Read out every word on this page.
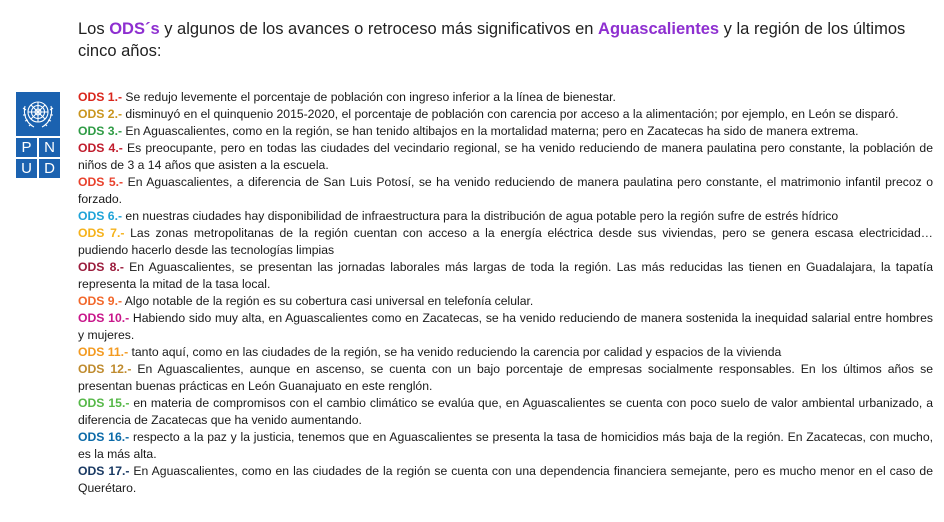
Los ODS´s y algunos de los avances o retroceso más significativos en Aguascalientes y la región de los últimos cinco años:
P N
U D

ODS 1.- Se redujo levemente el porcentaje de población con ingreso inferior a la línea de bienestar.

ODS 2.- disminuyó en el quinquenio 2015-2020, el porcentaje de población con carencia por acceso a la alimentación; por ejemplo, en León se disparó.

ODS 3.- En Aguascalientes, como en la región, se han tenido altibajos en la mortalidad materna; pero en Zacatecas ha sido de manera extrema.

ODS 4.- Es preocupante, pero en todas las ciudades del vecindario regional, se ha venido reduciendo de manera paulatina pero constante, la población de niños de 3 a 14 años que asisten a la escuela.

ODS 5.- En Aguascalientes, a diferencia de San Luis Potosí, se ha venido reduciendo de manera paulatina pero constante, el matrimonio infantil precoz o forzado.

ODS 6.- en nuestras ciudades hay disponibilidad de infraestructura para la distribución de agua potable pero la región sufre de estrés hídrico

ODS 7.- Las zonas metropolitanas de la región cuentan con acceso a la energía eléctrica desde sus viviendas, pero se genera escasa electricidad… pudiendo hacerlo desde las tecnologías limpias

ODS 8.- En Aguascalientes, se presentan las jornadas laborales más largas de toda la región. Las más reducidas las tienen en Guadalajara, la tapatía representa la mitad de la tasa local.

ODS 9.- Algo notable de la región es su cobertura casi universal en telefonía celular.

ODS 10.- Habiendo sido muy alta, en Aguascalientes como en Zacatecas, se ha venido reduciendo de manera sostenida la inequidad salarial entre hombres y mujeres.

ODS 11.- tanto aquí, como en las ciudades de la región, se ha venido reduciendo la carencia por calidad y espacios de la vivienda

ODS 12.- En Aguascalientes, aunque en ascenso, se cuenta con un bajo porcentaje de empresas socialmente responsables. En los últimos años se presentan buenas prácticas en León Guanajuato en este renglón.

ODS 15.- en materia de compromisos con el cambio climático se evalúa que, en Aguascalientes se cuenta con poco suelo de valor ambiental urbanizado, a diferencia de Zacatecas que ha venido aumentando.

ODS 16.- respecto a la paz y la justicia, tenemos que en Aguascalientes se presenta la tasa de homicidios más baja de la región. En Zacatecas, con mucho, es la más alta.

ODS 17.- En Aguascalientes, como en las ciudades de la región se cuenta con una dependencia financiera semejante, pero es mucho menor en el caso de Querétaro.
